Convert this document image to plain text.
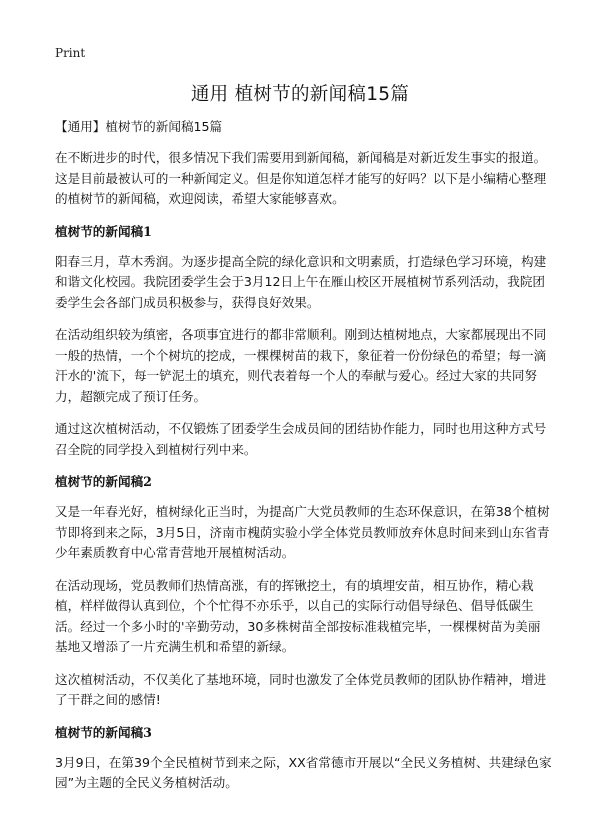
Print
通用 植树节的新闻稿15篇
【通用】植树节的新闻稿15篇

在不断进步的时代，很多情况下我们需要用到新闻稿，新闻稿是对新近发生事实的报道。这是目前最被认可的一种新闻定义。但是你知道怎样才能写的好吗？以下是小编精心整理的植树节的新闻稿，欢迎阅读，希望大家能够喜欢。

植树节的新闻稿1

阳春三月，草木秀润。为逐步提高全院的绿化意识和文明素质，打造绿色学习环境，构建和谐文化校园。我院团委学生会于3月12日上午在雁山校区开展植树节系列活动，我院团委学生会各部门成员积极参与，获得良好效果。

在活动组织较为缜密，各项事宜进行的都非常顺利。刚到达植树地点，大家都展现出不同一般的热情，一个个树坑的挖成，一棵棵树苗的栽下，象征着一份份绿色的希望；每一滴汗水的'流下，每一铲泥土的填充，则代表着每一个人的奉献与爱心。经过大家的共同努力，超额完成了预订任务。

通过这次植树活动，不仅锻炼了团委学生会成员间的团结协作能力，同时也用这种方式号召全院的同学投入到植树行列中来。

植树节的新闻稿2

又是一年春光好，植树绿化正当时，为提高广大党员教师的生态环保意识，在第38个植树节即将到来之际，3月5日，济南市槐荫实验小学全体党员教师放弃休息时间来到山东省青少年素质教育中心常青营地开展植树活动。

在活动现场，党员教师们热情高涨，有的挥锹挖土，有的填埋安苗，相互协作，精心栽植，样样做得认真到位，个个忙得不亦乐乎，以自己的实际行动倡导绿色、倡导低碳生活。经过一个多小时的'辛勤劳动，30多株树苗全部按标准栽植完毕，一棵棵树苗为美丽基地又增添了一片充满生机和希望的新绿。

这次植树活动，不仅美化了基地环境，同时也激发了全体党员教师的团队协作精神，增进了干群之间的感情!

植树节的新闻稿3

3月9日，在第39个全民植树节到来之际，XX省常德市开展以“全民义务植树、共建绿色家园”为主题的全民义务植树活动。
